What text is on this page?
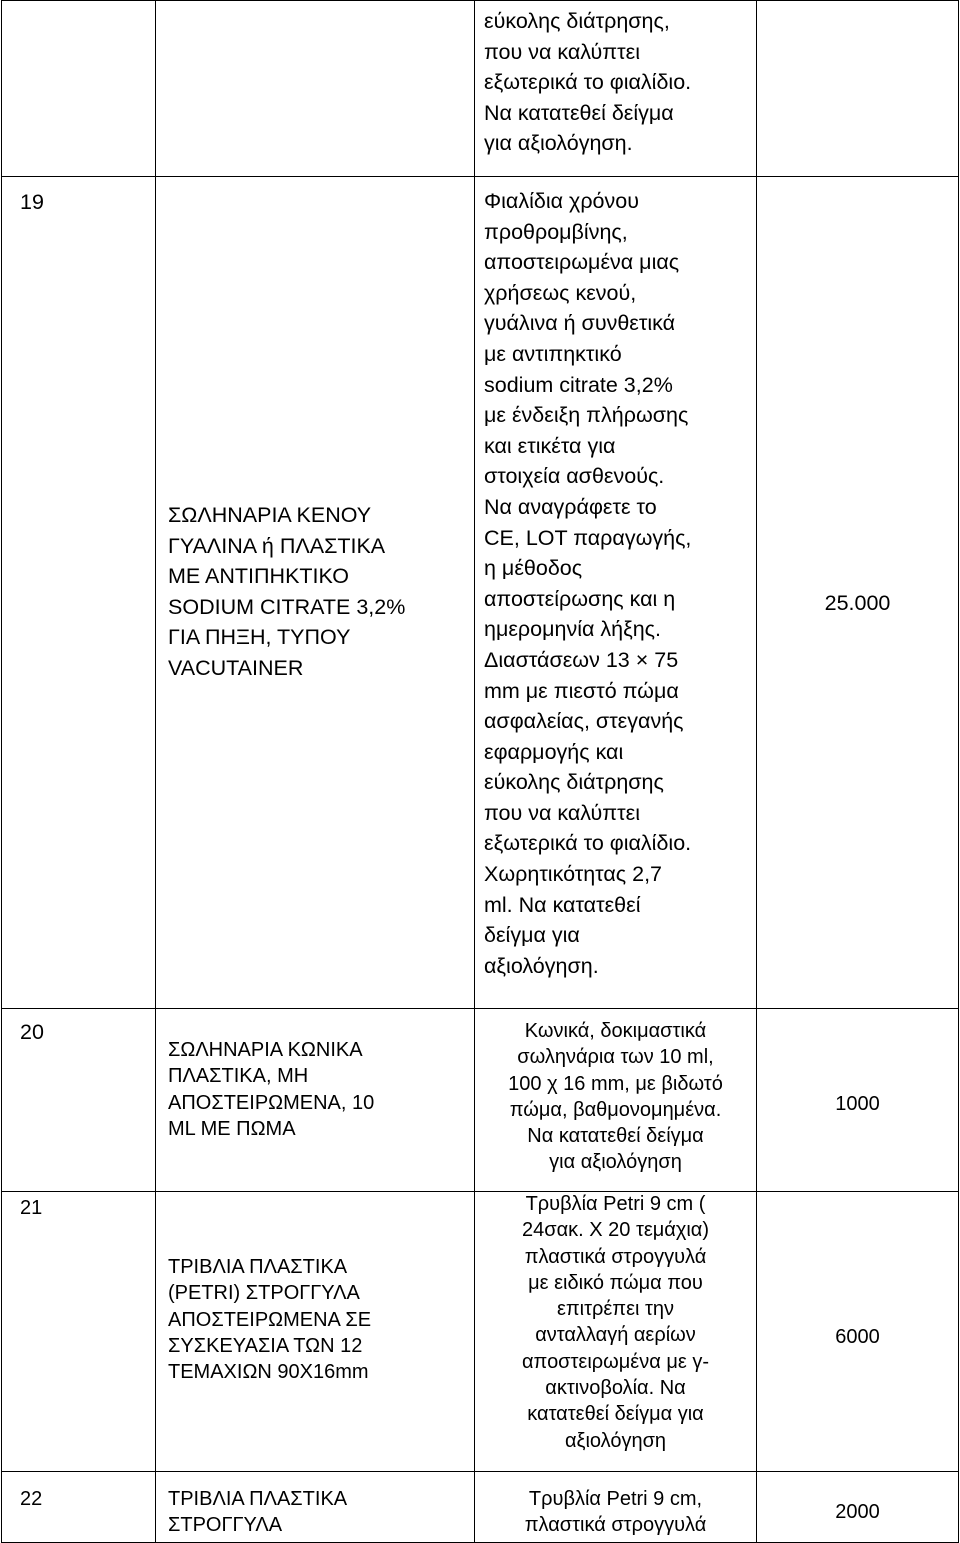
εύκολης διάτρησης,
που να καλύπτει
εξωτερικά το φιαλίδιο.
Να κατατεθεί δείγμα
για αξιολόγηση.

19

ΣΩΛΗΝΑΡΙΑ ΚΕΝΟΥ
ΓΥΑΛΙΝΑ ή ΠΛΑΣΤΙΚΑ
ΜΕ ΑΝΤΙΠΗΚΤΙΚΟ
SODIUM CITRATE 3,2%
ΓΙΑ ΠΗΞΗ, ΤΥΠΟΥ
VACUTAINER

Φιαλίδια χρόνου
προθρομβίνης,
αποστειρωμένα μιας
χρήσεως κενού,
γυάλινα ή συνθετικά
με αντιπηκτικό
sodium citrate 3,2%
με ένδειξη πλήρωσης
και ετικέτα για
στοιχεία ασθενούς.
Να αναγράφετε το
CE, LOT παραγωγής,
η μέθοδος
αποστείρωσης και η
ημερομηνία λήξης.
Διαστάσεων 13 × 75
mm με πιεστό πώμα
ασφαλείας, στεγανής
εφαρμογής και
εύκολης διάτρησης
που να καλύπτει
εξωτερικά το φιαλίδιο.
Χωρητικότητας 2,7
ml. Να κατατεθεί
δείγμα για
αξιολόγηση.

25.000

20

ΣΩΛΗΝΑΡΙΑ ΚΩΝΙΚΑ
ΠΛΑΣΤΙΚΑ, ΜΗ
ΑΠΟΣΤΕΙΡΩΜΕΝΑ, 10
ML ΜΕ ΠΩΜΑ

Κωνικά, δοκιμαστικά
σωληνάρια των 10 ml,
100 χ 16 mm, με βιδωτό
πώμα, βαθμονομημένα.
Να κατατεθεί δείγμα
για αξιολόγηση

1000

21

ΤΡΙΒΛΙΑ ΠΛΑΣΤΙΚΑ
(PETRI) ΣΤΡΟΓΓΥΛΑ
ΑΠΟΣΤΕΙΡΩΜΕΝΑ ΣΕ
ΣΥΣΚΕΥΑΣΙΑ ΤΩΝ 12
ΤΕΜΑΧΙΩΝ 90Χ16mm

Τρυβλία Petri 9 cm (
24σακ. Χ 20 τεμάχια)
πλαστικά στρογγυλά
με ειδικό πώμα που
επιτρέπει την
ανταλλαγή αερίων
αποστειρωμένα με γ-
ακτινοβολία. Να
κατατεθεί δείγμα για
αξιολόγηση

6000

22	ΤΡΙΒΛΙΑ ΠΛΑΣΤΙΚΑ
ΣΤΡΟΓΓΥΛΑ

Τρυβλία Petri 9 cm,
πλαστικά στρογγυλά

2000
